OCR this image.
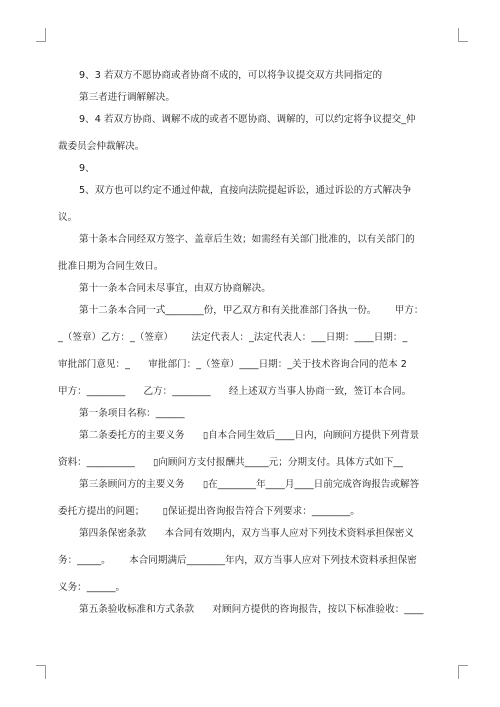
9、3 若双方不愿协商或者协商不成的，可以将争议提交双方共同指定的

第三者进行调解解决。

9、4 若双方协商、调解不成的或者不愿协商、调解的，可以约定将争议提交_仲

裁委员会仲裁解决。

9、

5、双方也可以约定不通过仲裁，直接向法院提起诉讼，通过诉讼的方式解决争

议。

第十条本合同经双方签字、盖章后生效；如需经有关部门批准的，以有关部门的

批准日期为合同生效日。

第十一条本合同未尽事宜，由双方协商解决。

第十二条本合同一式________份，甲乙双方和有关批准部门各执一份。      甲方：

_（签章）乙方：_（签章）      法定代表人：_法定代表人：___日期：____日期：_

审批部门意见：_      审批部门：_（签章）____日期：_关于技术咨询合同的范本 2

甲方：________      乙方：________      经上述双方当事人协商一致，签订本合同。

第一条项目名称：______

第二条委托方的主要义务      ▯自本合同生效后____日内，向顾问方提供下列背景

资料：__________      ▯向顾问方支付报酬共_____元；分期支付。具体方式如下__

第三条顾问方的主要义务      ▯在________年____月____日前完成咨询报告或解答

委托方提出的问题；      ▯保证提出咨询报告符合下列要求：________。

第四条保密条款      本合同有效期内，双方当事人应对下列技术资料承担保密义

务：_____。      本合同期满后________年内，双方当事人应对下列技术资料承担保密

义务：______。

第五条验收标准和方式条款      对顾问方提供的咨询报告，按以下标准验收：____
